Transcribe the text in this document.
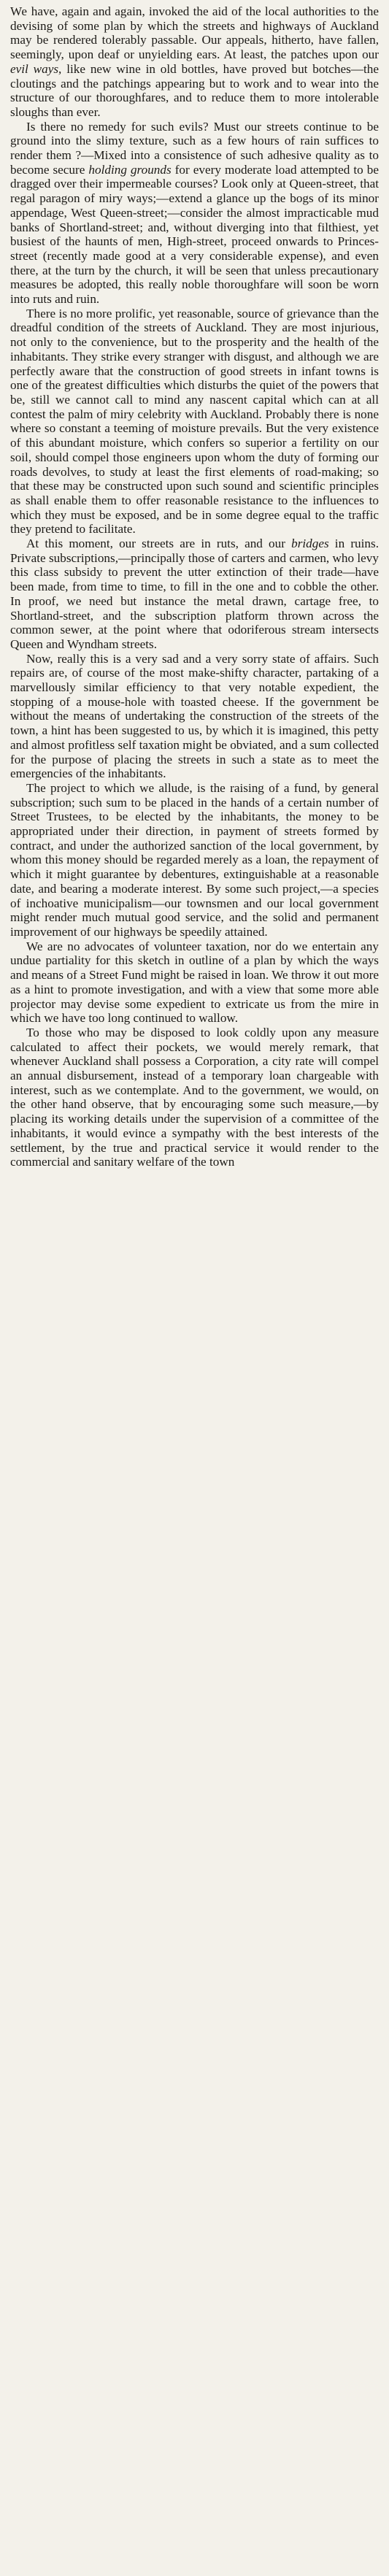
We have, again and again, invoked the aid of the local authorities to the devising of some plan by which the streets and highways of Auckland may be rendered tolerably passable. Our appeals, hitherto, have fallen, seemingly, upon deaf or unyielding ears. At least, the patches upon our evil ways, like new wine in old bottles, have proved but botches—the cloutings and the patchings appearing but to work and to wear into the structure of our thoroughfares, and to reduce them to more intolerable sloughs than ever.

Is there no remedy for such evils? Must our streets continue to be ground into the slimy texture, such as a few hours of rain suffices to render them ?—Mixed into a consistence of such adhesive quality as to become secure holding grounds for every moderate load attempted to be dragged over their impermeable courses? Look only at Queen-street, that regal paragon of miry ways;—extend a glance up the bogs of its minor appendage, West Queen-street;—consider the almost impracticable mud banks of Shortland-street; and, without diverging into that filthiest, yet busiest of the haunts of men, High-street, proceed onwards to Princes-street (recently made good at a very considerable expense), and even there, at the turn by the church, it will be seen that unless precautionary measures be adopted, this really noble thoroughfare will soon be worn into ruts and ruin.

There is no more prolific, yet reasonable, source of grievance than the dreadful condition of the streets of Auckland. They are most injurious, not only to the convenience, but to the prosperity and the health of the inhabitants. They strike every stranger with disgust, and although we are perfectly aware that the construction of good streets in infant towns is one of the greatest difficulties which disturbs the quiet of the powers that be, still we cannot call to mind any nascent capital which can at all contest the palm of miry celebrity with Auckland. Probably there is none where so constant a teeming of moisture prevails. But the very existence of this abundant moisture, which confers so superior a fertility on our soil, should compel those engineers upon whom the duty of forming our roads devolves, to study at least the first elements of road-making; so that these may be constructed upon such sound and scientific principles as shall enable them to offer reasonable resistance to the influences to which they must be exposed, and be in some degree equal to the traffic they pretend to facilitate.

At this moment, our streets are in ruts, and our bridges in ruins. Private subscriptions,—principally those of carters and carmen, who levy this class subsidy to prevent the utter extinction of their trade—have been made, from time to time, to fill in the one and to cobble the other. In proof, we need but instance the metal drawn, cartage free, to Shortland-street, and the subscription platform thrown across the common sewer, at the point where that odoriferous stream intersects Queen and Wyndham streets.

Now, really this is a very sad and a very sorry state of affairs. Such repairs are, of course of the most make-shifty character, partaking of a marvellously similar efficiency to that very notable expedient, the stopping of a mouse-hole with toasted cheese. If the government be without the means of undertaking the construction of the streets of the town, a hint has been suggested to us, by which it is imagined, this petty and almost profitless self taxation might be obviated, and a sum collected for the purpose of placing the streets in such a state as to meet the emergencies of the inhabitants.

The project to which we allude, is the raising of a fund, by general subscription; such sum to be placed in the hands of a certain number of Street Trustees, to be elected by the inhabitants, the money to be appropriated under their direction, in payment of streets formed by contract, and under the authorized sanction of the local government, by whom this money should be regarded merely as a loan, the repayment of which it might guarantee by debentures, extinguishable at a reasonable date, and bearing a moderate interest. By some such project,—a species of inchoative municipalism—our townsmen and our local government might render much mutual good service, and the solid and permanent improvement of our highways be speedily attained.

We are no advocates of volunteer taxation, nor do we entertain any undue partiality for this sketch in outline of a plan by which the ways and means of a Street Fund might be raised in loan. We throw it out more as a hint to promote investigation, and with a view that some more able projector may devise some expedient to extricate us from the mire in which we have too long continued to wallow.

To those who may be disposed to look coldly upon any measure calculated to affect their pockets, we would merely remark, that whenever Auckland shall possess a Corporation, a city rate will compel an annual disbursement, instead of a temporary loan chargeable with interest, such as we contemplate. And to the government, we would, on the other hand observe, that by encouraging some such measure,—by placing its working details under the supervision of a committee of the inhabitants, it would evince a sympathy with the best interests of the settlement, by the true and practical service it would render to the commercial and sanitary welfare of the town
